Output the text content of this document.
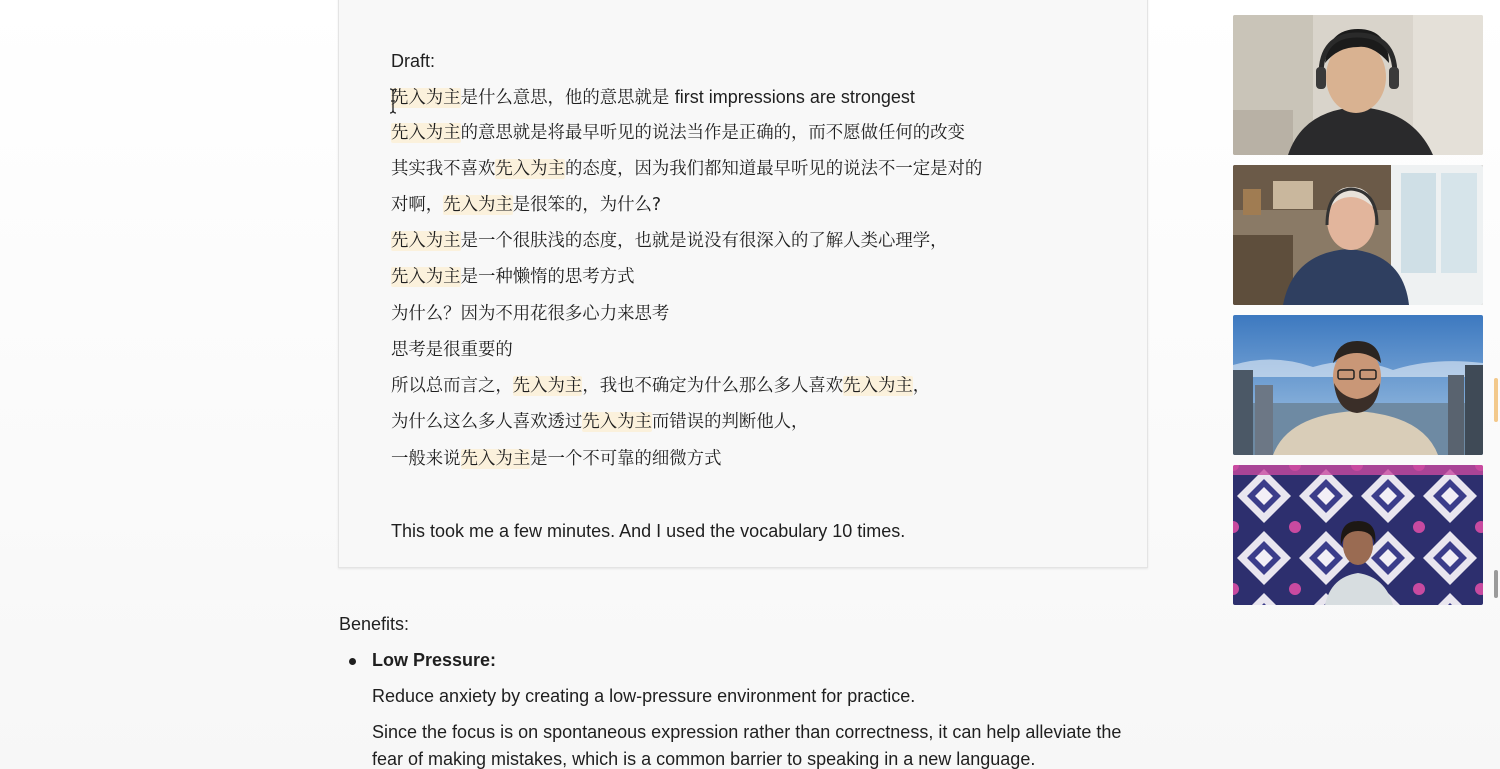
Draft:
先入为主是什么意思，他的意思就是 first impressions are strongest
先入为主的意思就是将最早听见的说法当作是正确的，而不愿做任何的改变
其实我不喜欢先入为主的态度，因为我们都知道最早听见的说法不一定是对的
对啊，先入为主是很笨的，为什么?
先入为主是一个很肤浅的态度，也就是说没有很深入的了解人类心理学，
先入为主是一种懒惰的思考方式
为什么？因为不用花很多心力来思考
思考是很重要的
所以总而言之，先入为主，我也不确定为什么那么多人喜欢先入为主，
为什么这么多人喜欢透过先入为主而错误的判断他人，
一般来说先入为主是一个不可靠的细微方式
This took me a few minutes. And I used the vocabulary 10 times.
Benefits:
Low Pressure:
Reduce anxiety by creating a low-pressure environment for practice.
Since the focus is on spontaneous expression rather than correctness, it can help alleviate the
fear of making mistakes, which is a common barrier to speaking in a new language.
